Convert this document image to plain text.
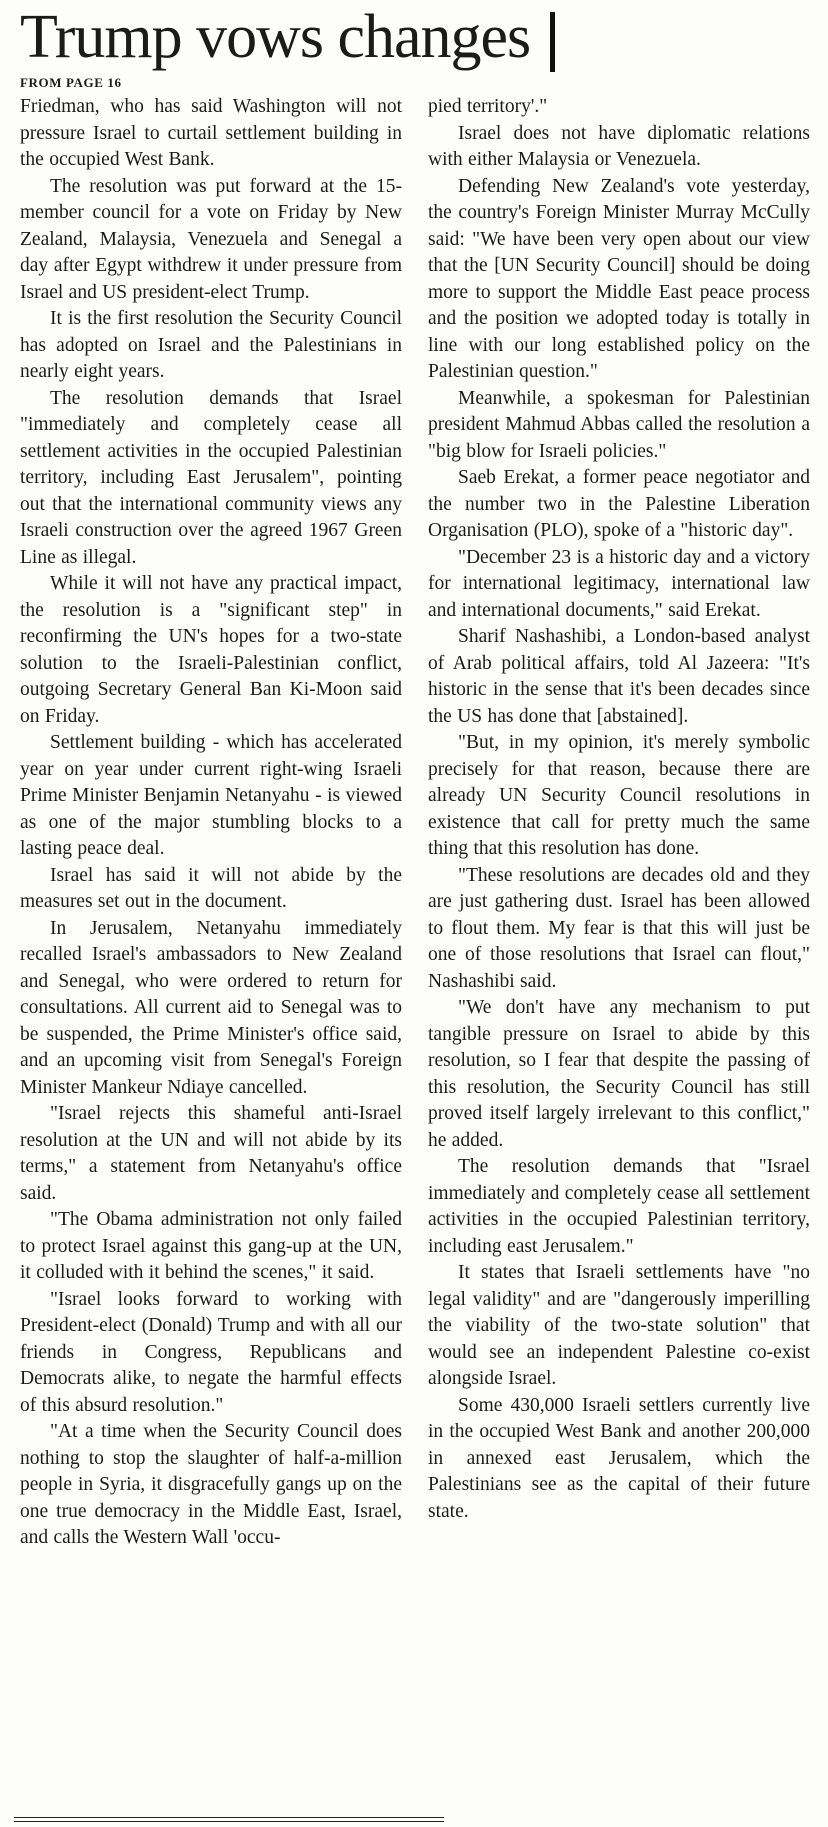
Trump vows changes
FROM PAGE 16

Friedman, who has said Washington will not pressure Israel to curtail settlement building in the occupied West Bank.

The resolution was put forward at the 15-member council for a vote on Friday by New Zealand, Malaysia, Venezuela and Senegal a day after Egypt withdrew it under pressure from Israel and US president-elect Trump.

It is the first resolution the Security Council has adopted on Israel and the Palestinians in nearly eight years.

The resolution demands that Israel "immediately and completely cease all settlement activities in the occupied Palestinian territory, including East Jerusalem", pointing out that the international community views any Israeli construction over the agreed 1967 Green Line as illegal.

While it will not have any practical impact, the resolution is a "significant step" in reconfirming the UN's hopes for a two-state solution to the Israeli-Palestinian conflict, outgoing Secretary General Ban Ki-Moon said on Friday.

Settlement building - which has accelerated year on year under current right-wing Israeli Prime Minister Benjamin Netanyahu - is viewed as one of the major stumbling blocks to a lasting peace deal.

Israel has said it will not abide by the measures set out in the document.

In Jerusalem, Netanyahu immediately recalled Israel's ambassadors to New Zealand and Senegal, who were ordered to return for consultations. All current aid to Senegal was to be suspended, the Prime Minister's office said, and an upcoming visit from Senegal's Foreign Minister Mankeur Ndiaye cancelled.

"Israel rejects this shameful anti-Israel resolution at the UN and will not abide by its terms," a statement from Netanyahu's office said.

"The Obama administration not only failed to protect Israel against this gang-up at the UN, it colluded with it behind the scenes," it said.

"Israel looks forward to working with President-elect (Donald) Trump and with all our friends in Congress, Republicans and Democrats alike, to negate the harmful effects of this absurd resolution."

"At a time when the Security Council does nothing to stop the slaughter of half-a-million people in Syria, it disgracefully gangs up on the one true democracy in the Middle East, Israel, and calls the Western Wall 'occu-

pied territory'."

Israel does not have diplomatic relations with either Malaysia or Venezuela.

Defending New Zealand's vote yesterday, the country's Foreign Minister Murray McCully said: "We have been very open about our view that the [UN Security Council] should be doing more to support the Middle East peace process and the position we adopted today is totally in line with our long established policy on the Palestinian question."

Meanwhile, a spokesman for Palestinian president Mahmud Abbas called the resolution a "big blow for Israeli policies."

Saeb Erekat, a former peace negotiator and the number two in the Palestine Liberation Organisation (PLO), spoke of a "historic day".

"December 23 is a historic day and a victory for international legitimacy, international law and international documents," said Erekat.

Sharif Nashashibi, a London-based analyst of Arab political affairs, told Al Jazeera: "It's historic in the sense that it's been decades since the US has done that [abstained].

"But, in my opinion, it's merely symbolic precisely for that reason, because there are already UN Security Council resolutions in existence that call for pretty much the same thing that this resolution has done.

"These resolutions are decades old and they are just gathering dust. Israel has been allowed to flout them. My fear is that this will just be one of those resolutions that Israel can flout," Nashashibi said.

"We don't have any mechanism to put tangible pressure on Israel to abide by this resolution, so I fear that despite the passing of this resolution, the Security Council has still proved itself largely irrelevant to this conflict," he added.

The resolution demands that "Israel immediately and completely cease all settlement activities in the occupied Palestinian territory, including east Jerusalem."

It states that Israeli settlements have "no legal validity" and are "dangerously imperilling the viability of the two-state solution" that would see an independent Palestine co-exist alongside Israel.

Some 430,000 Israeli settlers currently live in the occupied West Bank and another 200,000 in annexed east Jerusalem, which the Palestinians see as the capital of their future state.
